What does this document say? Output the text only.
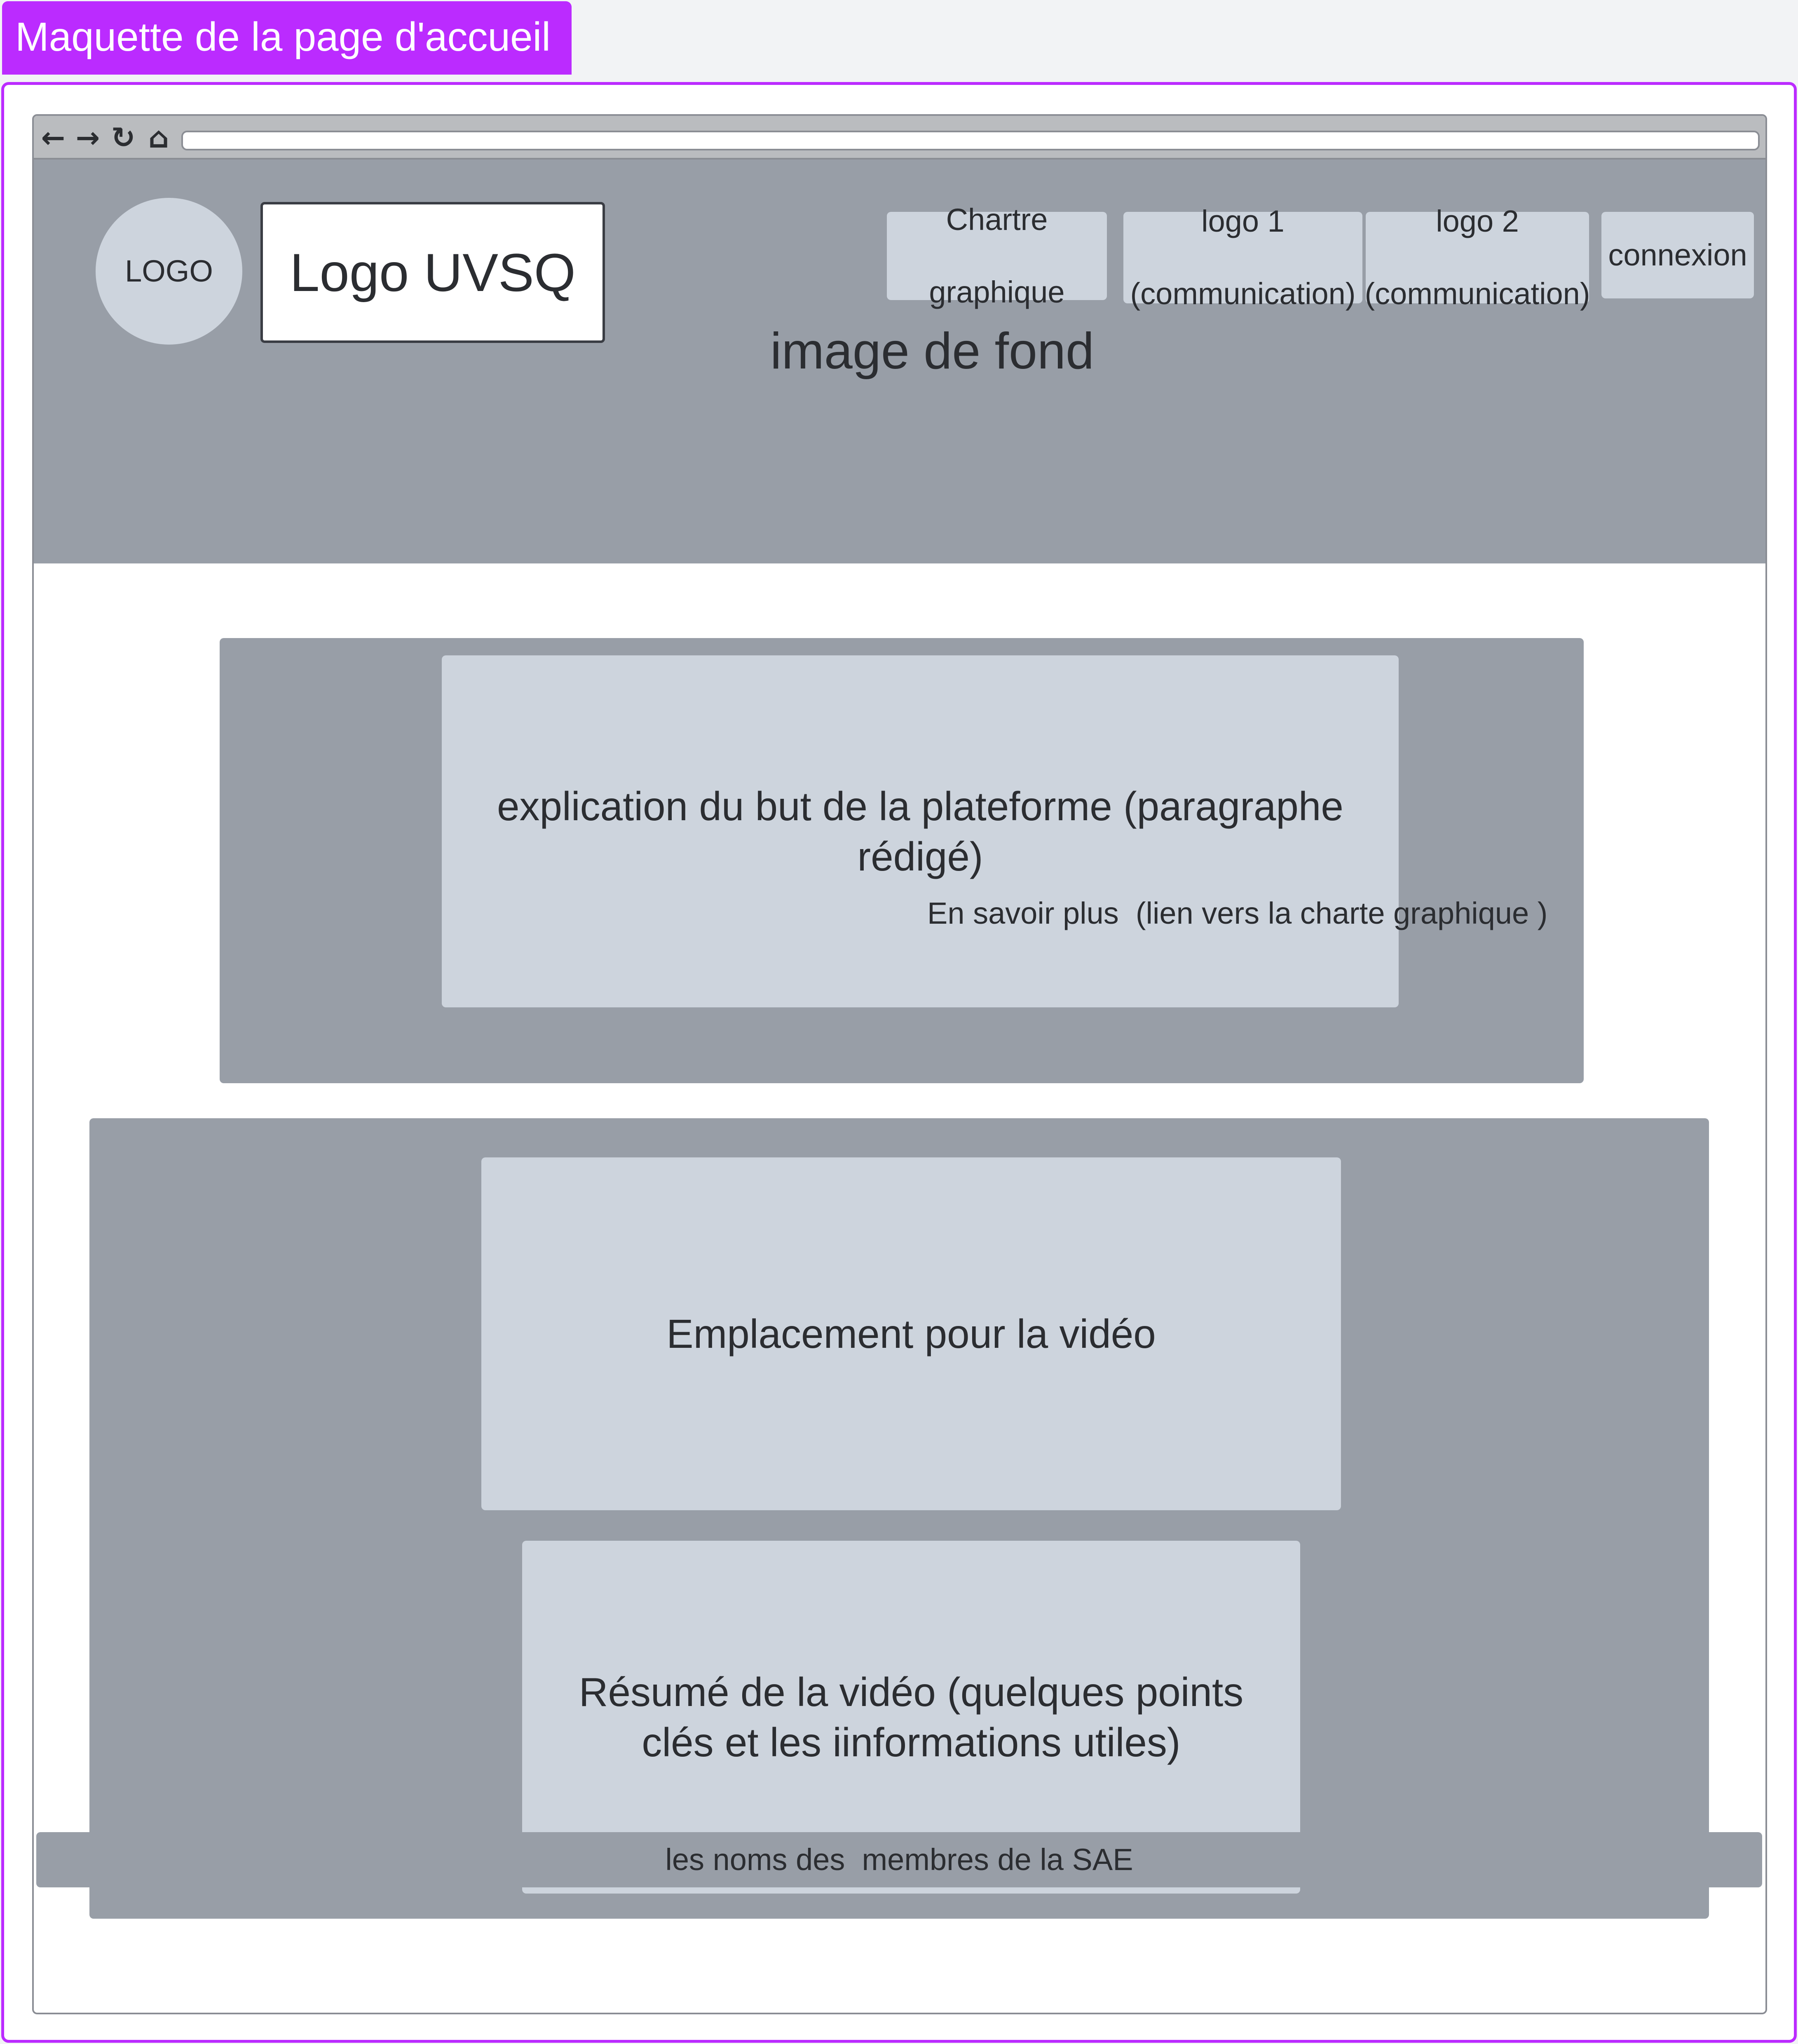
Maquette de la page d'accueil
← → ↻ ⌂
LOGO	Logo UVSQ

Chartre

graphique

logo 1

(communication)

logo 2

(communication)

connexion

image de fond
explication du but de la plateforme (paragraphe
rédigé)
En savoir plus  (lien vers la charte graphique )
Emplacement pour la vidéo
Résumé de la vidéo (quelques points
clés et les iinformations utiles)
les noms des  membres de la SAE
